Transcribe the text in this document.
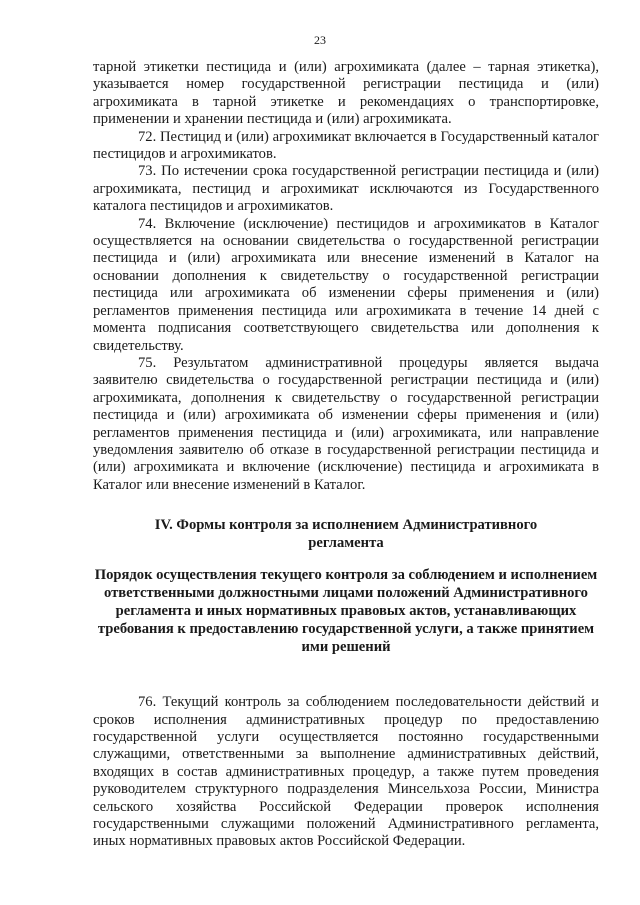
23

тарной этикетки пестицида и (или) агрохимиката (далее – тарная этикетка), указывается номер государственной регистрации пестицида и (или) агрохимиката в тарной этикетке и рекомендациях о транспортировке, применении и хранении пестицида и (или) агрохимиката.

72. Пестицид и (или) агрохимикат включается в Государственный каталог пестицидов и агрохимикатов.

73. По истечении срока государственной регистрации пестицида и (или) агрохимиката, пестицид и агрохимикат исключаются из Государственного каталога пестицидов и агрохимикатов.

74. Включение (исключение) пестицидов и агрохимикатов в Каталог осуществляется на основании свидетельства о государственной регистрации пестицида и (или) агрохимиката или внесение изменений в Каталог на основании дополнения к свидетельству о государственной регистрации пестицида или агрохимиката об изменении сферы применения и (или) регламентов применения пестицида или агрохимиката в течение 14 дней с момента подписания соответствующего свидетельства или дополнения к свидетельству.

75. Результатом административной процедуры является выдача заявителю свидетельства о государственной регистрации пестицида и (или) агрохимиката, дополнения к свидетельству о государственной регистрации пестицида и (или) агрохимиката об изменении сферы применения и (или) регламентов применения пестицида и (или) агрохимиката, или направление уведомления заявителю об отказе в государственной регистрации пестицида и (или) агрохимиката и включение (исключение) пестицида и агрохимиката в Каталог или внесение изменений в Каталог.

IV. Формы контроля за исполнением Административного регламента
Порядок осуществления текущего контроля за соблюдением и исполнением ответственными должностными лицами положений Административного регламента и иных нормативных правовых актов, устанавливающих требования к предоставлению государственной услуги, а также принятием ими решений

76. Текущий контроль за соблюдением последовательности действий и сроков исполнения административных процедур по предоставлению государственной услуги осуществляется постоянно государственными служащими, ответственными за выполнение административных действий, входящих в состав административных процедур, а также путем проведения руководителем структурного подразделения Минсельхоза России, Министра сельского хозяйства Российской Федерации проверок исполнения государственными служащими положений Административного регламента, иных нормативных правовых актов Российской Федерации.
